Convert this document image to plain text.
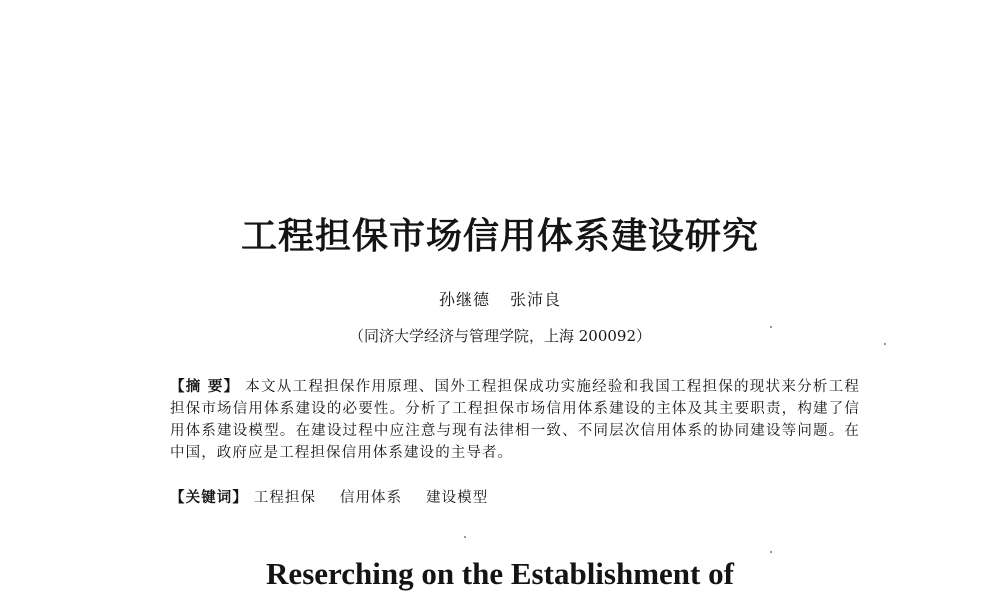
工程担保市场信用体系建设研究
孙继德 张沛良
（同济大学经济与管理学院，上海 200092）
【摘 要】 本文从工程担保作用原理、国外工程担保成功实施经验和我国工程担保的现状来分析工程担保市场信用体系建设的必要性。分析了工程担保市场信用体系建设的主体及其主要职责，构建了信用体系建设模型。在建设过程中应注意与现有法律相一致、不同层次信用体系的协同建设等问题。在中国，政府应是工程担保信用体系建设的主导者。
【关键词】 工程担保 信用体系 建设模型
Reserching on the Establishment of
